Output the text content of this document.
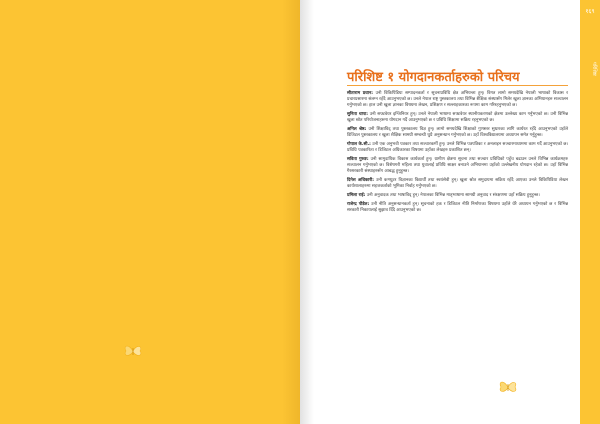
१६९
परिशिष्ट
परिशिष्ट १ योगदानकर्ताहरुको परिचय

सीताराम प्रधान: उनी विकिपिडिया सम्पादनकर्ता र सूचनाप्रविधि क्षेत्र अभियन्ता हुन्। विगत लामो समयदेखि नेपाली भाषाको विकास र प्रचारप्रसारमा संलग्न रहँदै आउनुभएको छ। उनले नेपाल राष्ट्र पुस्तकालय तथा विभिन्न शैक्षिक संस्थासँग मिलेर खुला ज्ञानका अभियानहरु सञ्चालन गर्नुभएको छ। हाल उनी खुला ज्ञानका विषयमा लेखन, प्रशिक्षण र सल्लाहकारका रूपमा काम गरिरहनुभएको छ।

सुनिता थापा: उनी सफ्टवेयर इन्जिनियर हुन्। उनले नेपाली भाषामा सफ्टवेयर स्थानीयकरणको क्षेत्रमा उल्लेख्य काम गर्नुभएको छ। उनी विभिन्न खुला स्रोत परियोजनाहरुमा योगदान गर्दै आउनुभएको छ र प्रविधि शिक्षामा सक्रिय रहनुभएको छ।

अनिल श्रेष्ठ: उनी शिक्षाविद् तथा पुस्तकालय विज्ञ हुन्। लामो समयदेखि शिक्षाको गुणस्तर सुधारका लागि कार्यरत रहँदै आउनुभएको उहाँले डिजिटल पुस्तकालय र खुला शैक्षिक सामग्री सम्बन्धी थुप्रै अनुसन्धान गर्नुभएको छ। उहाँ विश्वविद्यालयमा अध्यापन समेत गर्नुहुन्छ।

गोपाल के.सी.: उनी एक अनुभवी पत्रकार तथा सञ्चारकर्मी हुन्। उनले विभिन्न पत्रपत्रिका र अनलाइन सञ्चारमाध्यममा काम गर्दै आउनुभएको छ। प्रविधि पत्रकारिता र डिजिटल अधिकारका विषयमा उहाँका लेखहरु प्रकाशित छन्।

सविता गुरुङ: उनी सामुदायिक विकास कार्यकर्ता हुन्। ग्रामीण क्षेत्रमा सूचना तथा सञ्चार प्रविधिको पहुँच बढाउन उनले विभिन्न कार्यक्रमहरु सञ्चालन गर्नुभएको छ। विशेषगरी महिला तथा युवालाई प्रविधि साक्षर बनाउने अभियानमा उहाँको उल्लेखनीय योगदान रहेको छ। उहाँ विभिन्न गैरसरकारी संस्थाहरुसँग आबद्ध हुनुहुन्छ।

दिनेश अधिकारी: उनी कम्प्युटर विज्ञानका विद्यार्थी तथा स्वयंसेवी हुन्। खुला स्रोत समुदायमा सक्रिय रहँदै आएका उनले विकिपिडिया लेखन कार्यशालाहरुमा सहजकर्ताको भूमिका निर्वाह गर्नुभएको छ।

प्रमिला राई: उनी अनुवादक तथा भाषाविद् हुन्। नेपालका विभिन्न मातृभाषामा सामग्री अनुवाद र संरक्षणमा उहाँ सक्रिय हुनुहुन्छ।

राजेन्द्र पौडेल: उनी नीति अनुसन्धानकर्ता हुन्। सूचनाको हक र डिजिटल नीति निर्माणका विषयमा उहाँले धेरै अध्ययन गर्नुभएको छ र विभिन्न सरकारी निकायलाई सुझाव दिँदै आउनुभएको छ।
